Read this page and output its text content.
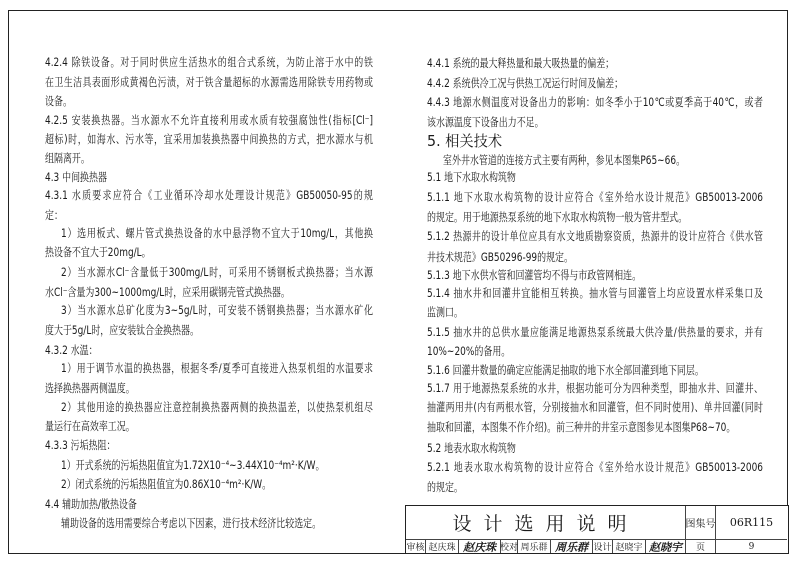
4.2.4 除铁设备。对于同时供应生活热水的组合式系统，为防止溶于水中的铁
在卫生洁具表面形成黄褐色污渍，对于铁含量超标的水源需选用除铁专用药物或
设备。
4.2.5 安装换热器。当水源水不允许直接利用或水质有较强腐蚀性(指标[Cl⁻]
超标)时，如海水、污水等，宜采用加装换热器中间换热的方式，把水源水与机
组隔离开。
4.3 中间换热器
4.3.1 水质要求应符合《工业循环冷却水处理设计规范》GB50050-95的规
定：
1）选用板式、螺片管式换热设备的水中悬浮物不宜大于10mg/L，其他换
热设备不宜大于20mg/L。
2）当水源水Cl⁻含量低于300mg/L时，可采用不锈钢板式换热器；当水源
水Cl⁻含量为300~1000mg/L时，应采用碳钢壳管式换热器。
3）当水源水总矿化度为3~5g/L时，可安装不锈钢换热器；当水源水矿化
度大于5g/L时，应安装钛合金换热器。
4.3.2 水温：
1）用于调节水温的换热器，根据冬季/夏季可直接进入热泵机组的水温要求
选择换热器两侧温度。
2）其他用途的换热器应注意控制换热器两侧的换热温差，以使热泵机组尽
量运行在高效率工况。
4.3.3 污垢热阻：
1）开式系统的污垢热阻值宜为1.72X10⁻⁴~3.44X10⁻⁴m²·K/W。
2）闭式系统的污垢热阻值宜为0.86X10⁻⁴m²·K/W。
4.4 辅助加热/散热设备
辅助设备的选用需要综合考虑以下因素，进行技术经济比较选定。
4.4.1 系统的最大释热量和最大吸热量的偏差；
4.4.2 系统供冷工况与供热工况运行时间及偏差；
4.4.3 地源水侧温度对设备出力的影响：如冬季小于10℃或夏季高于40℃，或者
该水源温度下设备出力不足。
5. 相关技术
室外井水管道的连接方式主要有两种，参见本图集P65~66。
5.1 地下水取水构筑物
5.1.1 地下水取水构筑物的设计应符合《室外给水设计规范》GB50013-2006
的规定。用于地源热泵系统的地下水取水构筑物一般为管井型式。
5.1.2 热源井的设计单位应具有水文地质勘察资质，热源井的设计应符合《供水管
井技术规范》GB50296-99的规定。
5.1.3 地下水供水管和回灌管均不得与市政管网相连。
5.1.4 抽水井和回灌井宜能相互转换。抽水管与回灌管上均应设置水样采集口及
监测口。
5.1.5 抽水井的总供水量应能满足地源热泵系统最大供冷量/供热量的要求，并有
10%~20%的备用。
5.1.6 回灌井数量的确定应能满足抽取的地下水全部回灌到地下同层。
5.1.7 用于地源热泵系统的水井，根据功能可分为四种类型，即抽水井、回灌井、
抽灌两用井(内有两根水管，分别接抽水和回灌管，但不同时使用)、单井回灌(同时
抽取和回灌，本图集不作介绍)。前三种井的井室示意图参见本图集P68~70。
5.2 地表水取水构筑物
5.2.1 地表水取水构筑物的设计应符合《室外给水设计规范》GB50013-2006
的规定。
设计选用说明	图集号	06R115
审核 赵庆珠 赵庆珠 校对 周乐群 周乐群 设计 赵晓宇 赵晓宇	页	9
